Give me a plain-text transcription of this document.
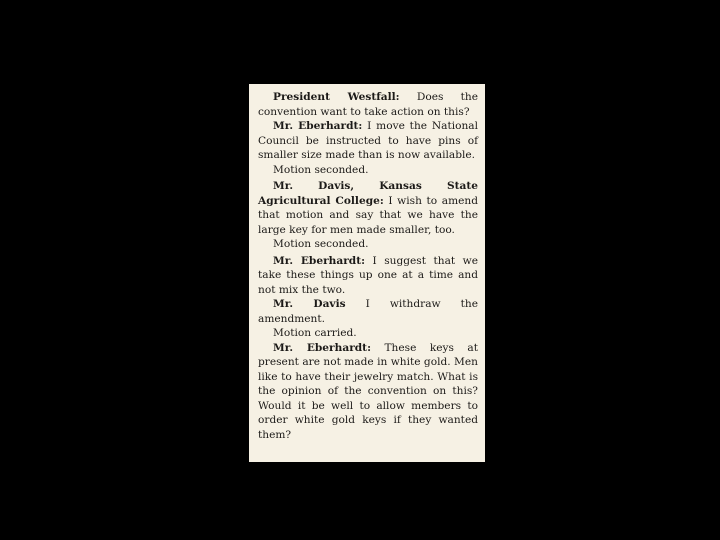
President Westfall: Does the convention want to take action on this?

Mr. Eberhardt: I move the National Council be instructed to have pins of smaller size made than is now available.

Motion seconded.

Mr. Davis, Kansas State Agricultural College: I wish to amend that motion and say that we have the large key for men made smaller, too.

Motion seconded.

Mr. Eberhardt: I suggest that we take these things up one at a time and not mix the two.

Mr. Davis I withdraw the amendment.

Motion carried.

Mr. Eberhardt: These keys at present are not made in white gold. Men like to have their jewelry match. What is the opinion of the convention on this? Would it be well to allow members to order white gold keys if they wanted them?
